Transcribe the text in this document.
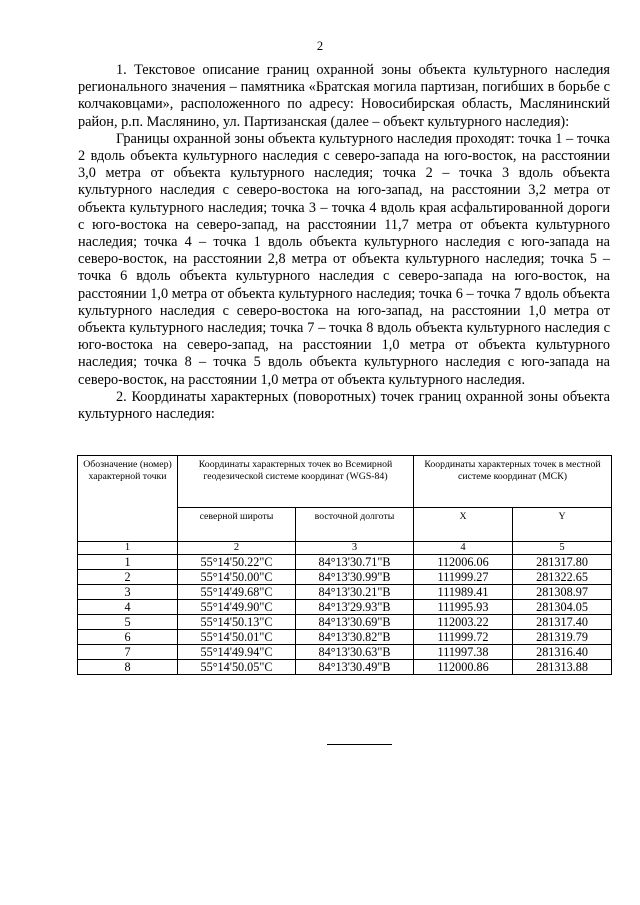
2

1. Текстовое описание границ охранной зоны объекта культурного наследия регионального значения – памятника «Братская могила партизан, погибших в борьбе с колчаковцами», расположенного по адресу: Новосибирская область, Маслянинский район, р.п. Маслянино, ул. Партизанская (далее – объект культурного наследия):

Границы охранной зоны объекта культурного наследия проходят: точка 1 – точка 2 вдоль объекта культурного наследия с северо-запада на юго-восток, на расстоянии 3,0 метра от объекта культурного наследия; точка 2 – точка 3 вдоль объекта культурного наследия с северо-востока на юго-запад, на расстоянии 3,2 метра от объекта культурного наследия; точка 3 – точка 4 вдоль края асфальтированной дороги с юго-востока на северо-запад, на расстоянии 11,7 метра от объекта культурного наследия; точка 4 – точка 1 вдоль объекта культурного наследия с юго-запада на северо-восток, на расстоянии 2,8 метра от объекта культурного наследия; точка 5 – точка 6 вдоль объекта культурного наследия с северо-запада на юго-восток, на расстоянии 1,0 метра от объекта культурного наследия; точка 6 – точка 7 вдоль объекта культурного наследия с северо-востока на юго-запад, на расстоянии 1,0 метра от объекта культурного наследия; точка 7 – точка 8 вдоль объекта культурного наследия с юго-востока на северо-запад, на расстоянии 1,0 метра от объекта культурного наследия; точка 8 – точка 5 вдоль объекта культурного наследия с юго-запада на северо-восток, на расстоянии 1,0 метра от объекта культурного наследия.

2. Координаты характерных (поворотных) точек границ охранной зоны объекта культурного наследия:

Обозначение (номер) характерной точки	Координаты характерных точек во Всемирной геодезической системе координат (WGS-84)		Координаты характерных точек в местной системе координат (МСК)	
	северной широты	восточной долготы	X	Y
1	2	3	4	5
1	55°14'50.22"С	84°13'30.71"В	112006.06	281317.80
2	55°14'50.00"С	84°13'30.99"В	111999.27	281322.65
3	55°14'49.68"С	84°13'30.21"В	111989.41	281308.97
4	55°14'49.90"С	84°13'29.93"В	111995.93	281304.05
5	55°14'50.13"С	84°13'30.69"В	112003.22	281317.40
6	55°14'50.01"С	84°13'30.82"В	111999.72	281319.79
7	55°14'49.94"С	84°13'30.63"В	111997.38	281316.40
8	55°14'50.05"С	84°13'30.49"В	112000.86	281313.88
